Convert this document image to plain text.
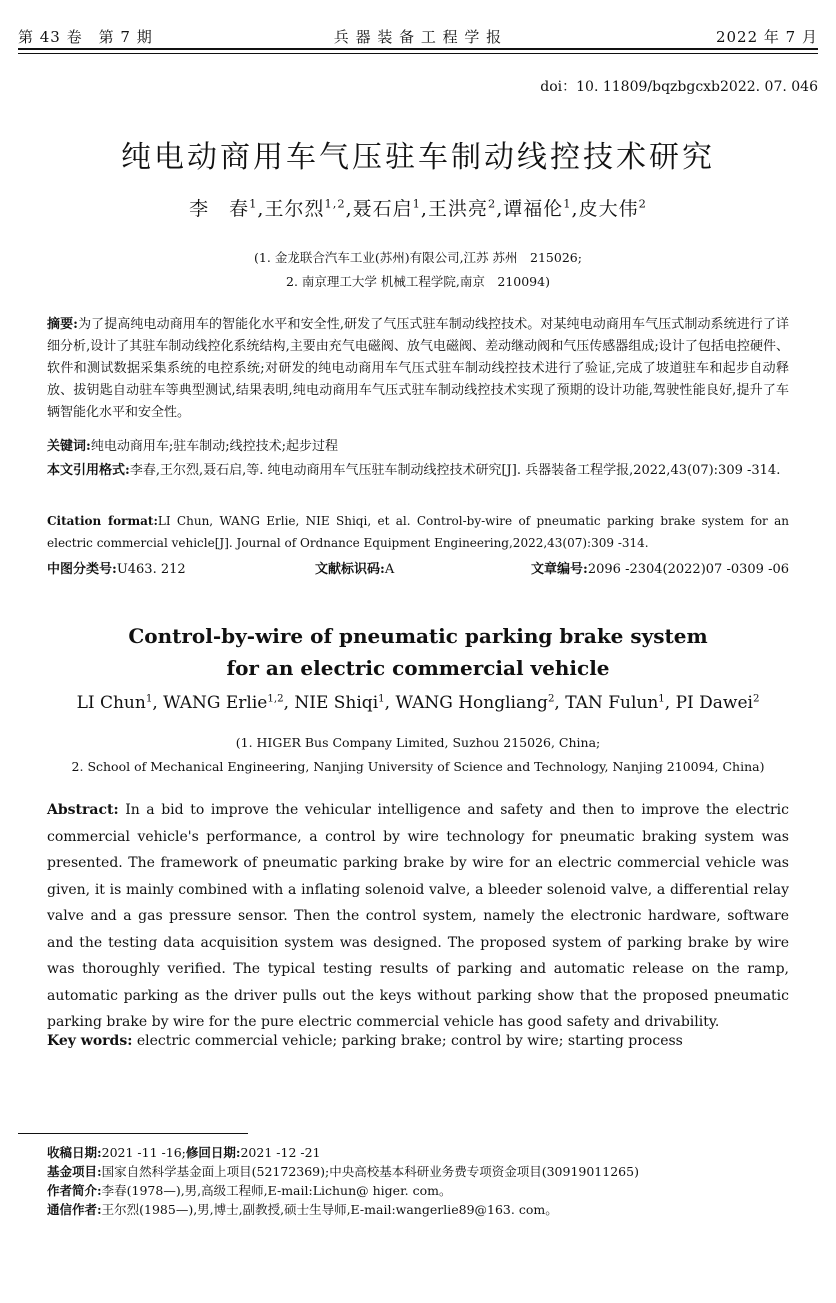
第 43 卷　第 7 期	兵 器 装 备 工 程 学 报	2022 年 7 月
doi：10. 11809/bqzbgcxb2022. 07. 046
纯电动商用车气压驻车制动线控技术研究
李　春$^1$,王尔烈$^{1,2}$,聂石启$^1$,王洪亮$^2$,谭福伦$^1$,皮大伟$^2$
(1. 金龙联合汽车工业(苏州)有限公司,江苏 苏州　215026;
2. 南京理工大学 机械工程学院,南京　210094)
摘要:为了提高纯电动商用车的智能化水平和安全性,研发了气压式驻车制动线控技术。对某纯电动商用车气压式制动系统进行了详细分析,设计了其驻车制动线控化系统结构,主要由充气电磁阀、放气电磁阀、差动继动阀和气压传感器组成;设计了包括电控硬件、软件和测试数据采集系统的电控系统;对研发的纯电动商用车气压式驻车制动线控技术进行了验证,完成了坡道驻车和起步自动释放、拔钥匙自动驻车等典型测试,结果表明,纯电动商用车气压式驻车制动线控技术实现了预期的设计功能,驾驶性能良好,提升了车辆智能化水平和安全性。
关键词:纯电动商用车;驻车制动;线控技术;起步过程
本文引用格式:李春,王尔烈,聂石启,等. 纯电动商用车气压驻车制动线控技术研究[J]. 兵器装备工程学报,2022,43(07):309 -314.
Citation format:LI Chun, WANG Erlie, NIE Shiqi, et al. Control-by-wire of pneumatic parking brake system for an electric commercial vehicle[J]. Journal of Ordnance Equipment Engineering,2022,43(07):309 -314.
中图分类号:U463. 212	文献标识码:A	文章编号:2096 -2304(2022)07 -0309 -06
Control-by-wire of pneumatic parking brake system
for an electric commercial vehicle
LI Chun$^1$, WANG Erlie$^{1,2}$, NIE Shiqi$^1$, WANG Hongliang$^2$, TAN Fulun$^1$, PI Dawei$^2$
(1. HIGER Bus Company Limited, Suzhou 215026, China;
2. School of Mechanical Engineering, Nanjing University of Science and Technology, Nanjing 210094, China)
Abstract: In a bid to improve the vehicular intelligence and safety and then to improve the electric commercial vehicle's performance, a control by wire technology for pneumatic braking system was presented. The framework of pneumatic parking brake by wire for an electric commercial vehicle was given, it is mainly combined with a inflating solenoid valve, a bleeder solenoid valve, a differential relay valve and a gas pressure sensor. Then the control system, namely the electronic hardware, software and the testing data acquisition system was designed. The proposed system of parking brake by wire was thoroughly verified. The typical testing results of parking and automatic release on the ramp, automatic parking as the driver pulls out the keys without parking show that the proposed pneumatic parking brake by wire for the pure electric commercial vehicle has good safety and drivability.
Key words: electric commercial vehicle; parking brake; control by wire; starting process
收稿日期:2021 -11 -16;修回日期:2021 -12 -21
基金项目:国家自然科学基金面上项目(52172369);中央高校基本科研业务费专项资金项目(30919011265)
作者简介:李春(1978—),男,高级工程师,E-mail:Lichun@ higer. com。
通信作者:王尔烈(1985—),男,博士,副教授,硕士生导师,E-mail:wangerlie89@163. com。
